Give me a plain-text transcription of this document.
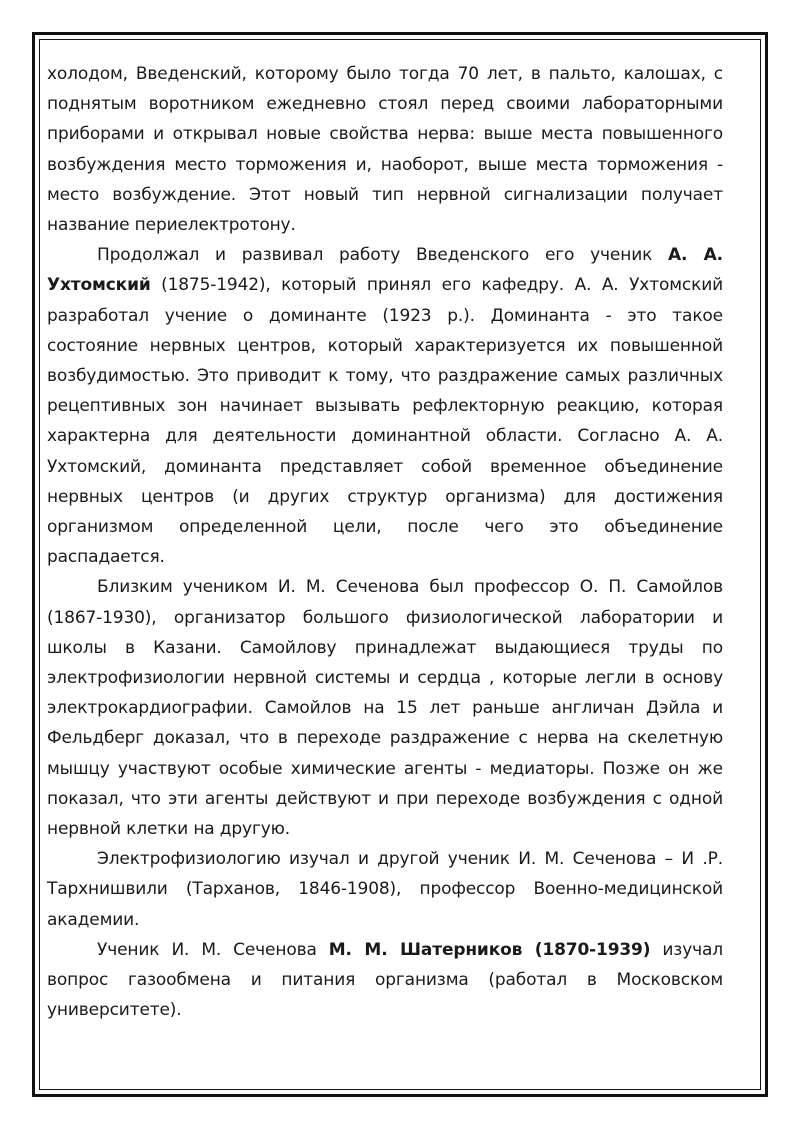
холодом, Введенский, которому было тогда 70 лет, в пальто, калошах, с поднятым воротником ежедневно стоял перед своими лабораторными приборами и открывал новые свойства нерва: выше места повышенного возбуждения место торможения и, наоборот, выше места торможения - место возбуждение. Этот новый тип нервной сигнализации получает название периелектротону.

Продолжал и развивал работу Введенского его ученик А. А. Ухтомский (1875-1942), который принял его кафедру. А. А. Ухтомский разработал учение о доминанте (1923 р.). Доминанта - это такое состояние нервных центров, который характеризуется их повышенной возбудимостью. Это приводит к тому, что раздражение самых различных рецептивных зон начинает вызывать рефлекторную реакцию, которая характерна для деятельности доминантной области. Согласно А. А. Ухтомский, доминанта представляет собой временное объединение нервных центров (и других структур организма) для достижения организмом определенной цели, после чего это объединение распадается.

Близким учеником И. М. Сеченова был профессор О. П. Самойлов (1867-1930), организатор большого физиологической лаборатории и школы в Казани. Самойлову принадлежат выдающиеся труды по электрофизиологии нервной системы и сердца , которые легли в основу электрокардиографии. Самойлов на 15 лет раньше англичан Дэйла и Фельдберг доказал, что в переходе раздражение с нерва на скелетную мышцу участвуют особые химические агенты - медиаторы. Позже он же показал, что эти агенты действуют и при переходе возбуждения с одной нервной клетки на другую.

Электрофизиологию изучал и другой ученик И. М. Сеченова – И .Р. Тархнишвили (Тарханов, 1846-1908), профессор Военно-медицинской академии.

Ученик И. М. Сеченова М. М. Шатерников (1870-1939) изучал вопрос газообмена и питания организма (работал в Московском университете).
